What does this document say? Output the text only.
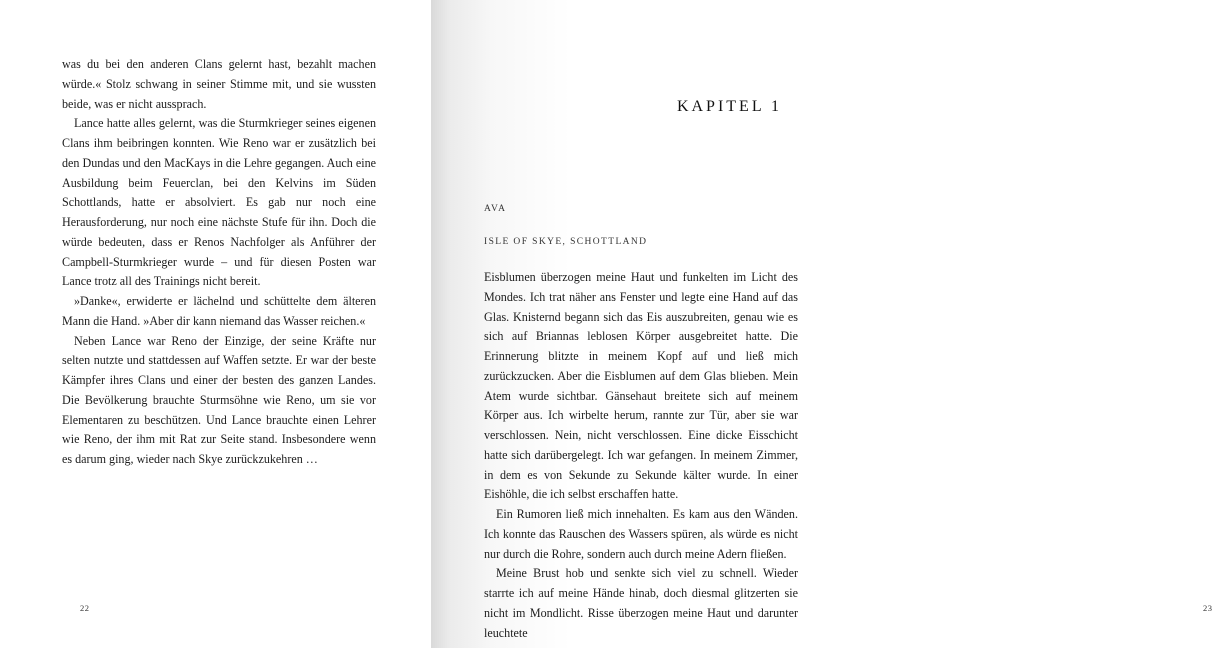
was du bei den anderen Clans gelernt hast, bezahlt machen würde.« Stolz schwang in seiner Stimme mit, und sie wussten beide, was er nicht aussprach.

Lance hatte alles gelernt, was die Sturmkrieger seines eigenen Clans ihm beibringen konnten. Wie Reno war er zusätzlich bei den Dundas und den MacKays in die Lehre gegangen. Auch eine Ausbildung beim Feuerclan, bei den Kelvins im Süden Schottlands, hatte er absolviert. Es gab nur noch eine Herausforderung, nur noch eine nächste Stufe für ihn. Doch die würde bedeuten, dass er Renos Nachfolger als Anführer der Campbell-Sturmkrieger wurde – und für diesen Posten war Lance trotz all des Trainings nicht bereit.

»Danke«, erwiderte er lächelnd und schüttelte dem älteren Mann die Hand. »Aber dir kann niemand das Wasser reichen.«

Neben Lance war Reno der Einzige, der seine Kräfte nur selten nutzte und stattdessen auf Waffen setzte. Er war der beste Kämpfer ihres Clans und einer der besten des ganzen Landes. Die Bevölkerung brauchte Sturmsöhne wie Reno, um sie vor Elementaren zu beschützen. Und Lance brauchte einen Lehrer wie Reno, der ihm mit Rat zur Seite stand. Insbesondere wenn es darum ging, wieder nach Skye zurückzukehren …

22
KAPITEL 1
23
AVA
ISLE OF SKYE, SCHOTTLAND

Eisblumen überzogen meine Haut und funkelten im Licht des Mondes. Ich trat näher ans Fenster und legte eine Hand auf das Glas. Knisternd begann sich das Eis auszubreiten, genau wie es sich auf Briannas leblosen Körper ausgebreitet hatte. Die Erinnerung blitzte in meinem Kopf auf und ließ mich zurückzucken. Aber die Eisblumen auf dem Glas blieben. Mein Atem wurde sichtbar. Gänsehaut breitete sich auf meinem Körper aus. Ich wirbelte herum, rannte zur Tür, aber sie war verschlossen. Nein, nicht verschlossen. Eine dicke Eisschicht hatte sich darübergelegt. Ich war gefangen. In meinem Zimmer, in dem es von Sekunde zu Sekunde kälter wurde. In einer Eishöhle, die ich selbst erschaffen hatte.

Ein Rumoren ließ mich innehalten. Es kam aus den Wänden. Ich konnte das Rauschen des Wassers spüren, als würde es nicht nur durch die Rohre, sondern auch durch meine Adern fließen.

Meine Brust hob und senkte sich viel zu schnell. Wieder starrte ich auf meine Hände hinab, doch diesmal glitzerten sie nicht im Mondlicht. Risse überzogen meine Haut und darunter leuchtete
